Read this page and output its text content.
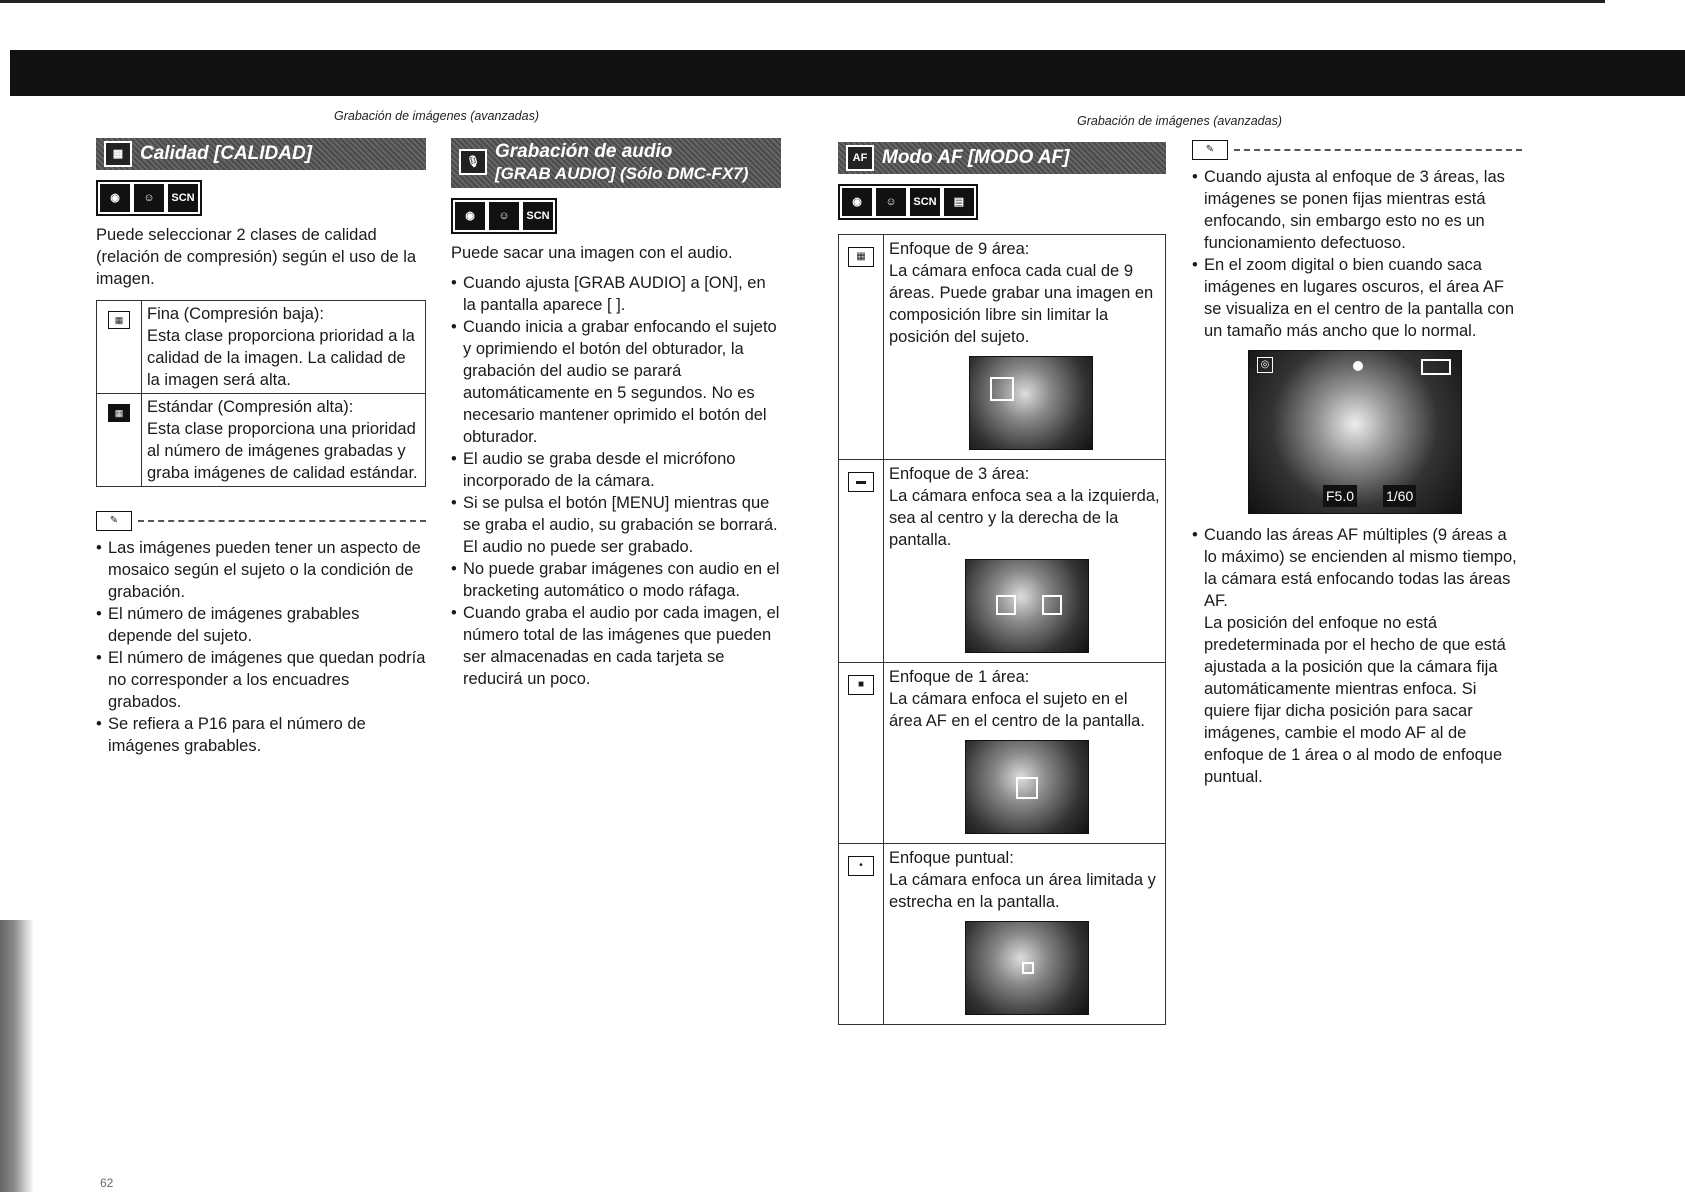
Grabación de imágenes (avanzadas)	Grabación de imágenes (avanzadas)
▦ Calidad [CALIDAD]
◉	☺	SCN

Puede seleccionar 2 clases de calidad (relación de compresión) según el uso de la imagen.

▦	Fina (Compresión baja):
Esta clase proporciona prioridad a la calidad de la imagen. La calidad de la imagen será alta.

▦	Estándar (Compresión alta):
Esta clase proporciona una prioridad al número de imágenes grabadas y graba imágenes de calidad estándar.
✎
• Las imágenes pueden tener un aspecto de mosaico según el sujeto o la condición de grabación.
• El número de imágenes grabables depende del sujeto.
• El número de imágenes que quedan podría no corresponder a los encuadres grabados.
• Se refiera a P16 para el número de imágenes grabables.
🎙 Grabación de audio
[GRAB AUDIO] (Sólo DMC-FX7)
◉	☺	SCN

Puede sacar una imagen con el audio.

• Cuando ajusta [GRAB AUDIO] a [ON], en la pantalla aparece [ ].
• Cuando inicia a grabar enfocando el sujeto y oprimiendo el botón del obturador, la grabación del audio se parará automáticamente en 5 segundos. No es necesario mantener oprimido el botón del obturador.
• El audio se graba desde el micrófono incorporado de la cámara.
• Si se pulsa el botón [MENU] mientras que se graba el audio, su grabación se borrará. El audio no puede ser grabado.
• No puede grabar imágenes con audio en el bracketing automático o modo ráfaga.
• Cuando graba el audio por cada imagen, el número total de las imágenes que pueden ser almacenadas en cada tarjeta se reducirá un poco.
AF Modo AF [MODO AF]
◉	☺	SCN	▤
▦	Enfoque de 9 área:
La cámara enfoca cada cual de 9 áreas. Puede grabar una imagen en composición libre sin limitar la posición del sujeto.

▬	Enfoque de 3 área:
La cámara enfoca sea a la izquierda, sea al centro y la derecha de la pantalla.

■	Enfoque de 1 área:
La cámara enfoca el sujeto en el área AF en el centro de la pantalla.

•	Enfoque puntual:
La cámara enfoca un área limitada y estrecha en la pantalla.
✎
• Cuando ajusta al enfoque de 3 áreas, las imágenes se ponen fijas mientras está enfocando, sin embargo esto no es un funcionamiento defectuoso.
• En el zoom digital o bien cuando saca imágenes en lugares oscuros, el área AF se visualiza en el centro de la pantalla con un tamaño más ancho que lo normal.
◎
F5.0 1/60
• Cuando las áreas AF múltiples (9 áreas a lo máximo) se encienden al mismo tiempo, la cámara está enfocando todas las áreas AF.

La posición del enfoque no está predeterminada por el hecho de que está ajustada a la posición que la cámara fija automáticamente mientras enfoca. Si quiere fijar dicha posición para sacar imágenes, cambie el modo AF al de enfoque de 1 área o al modo de enfoque puntual.

62
